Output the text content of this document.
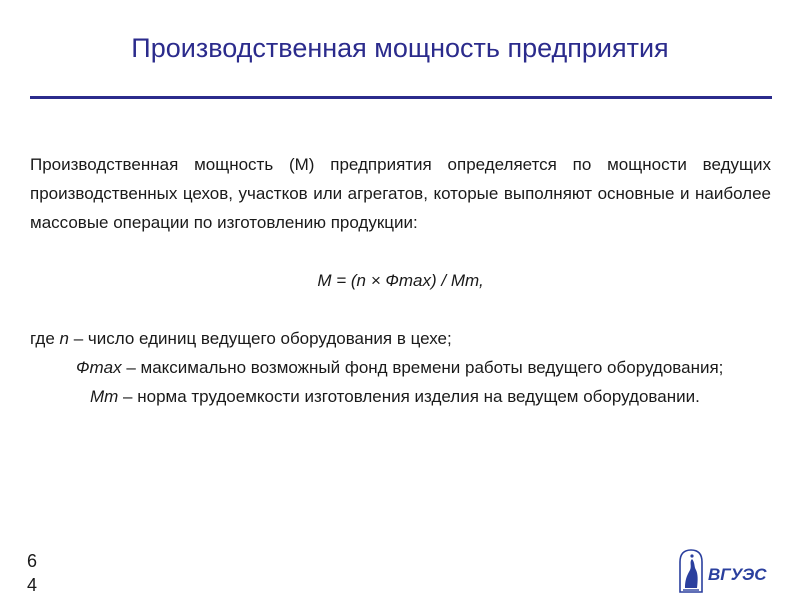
Производственная мощность предприятия

Производственная мощность (М) предприятия определяется по мощности ведущих производственных цехов, участков или агрегатов, которые выполняют основные и наиболее массовые операции по изготовлению продукции:

М = (n × Фmax) / Мт,

где n – число единиц ведущего оборудования в цехе;
Фmax – максимально возможный фонд времени работы ведущего оборудования;
Мт – норма трудоемкости изготовления изделия на ведущем оборудовании.
6
4
ВГУЭС
